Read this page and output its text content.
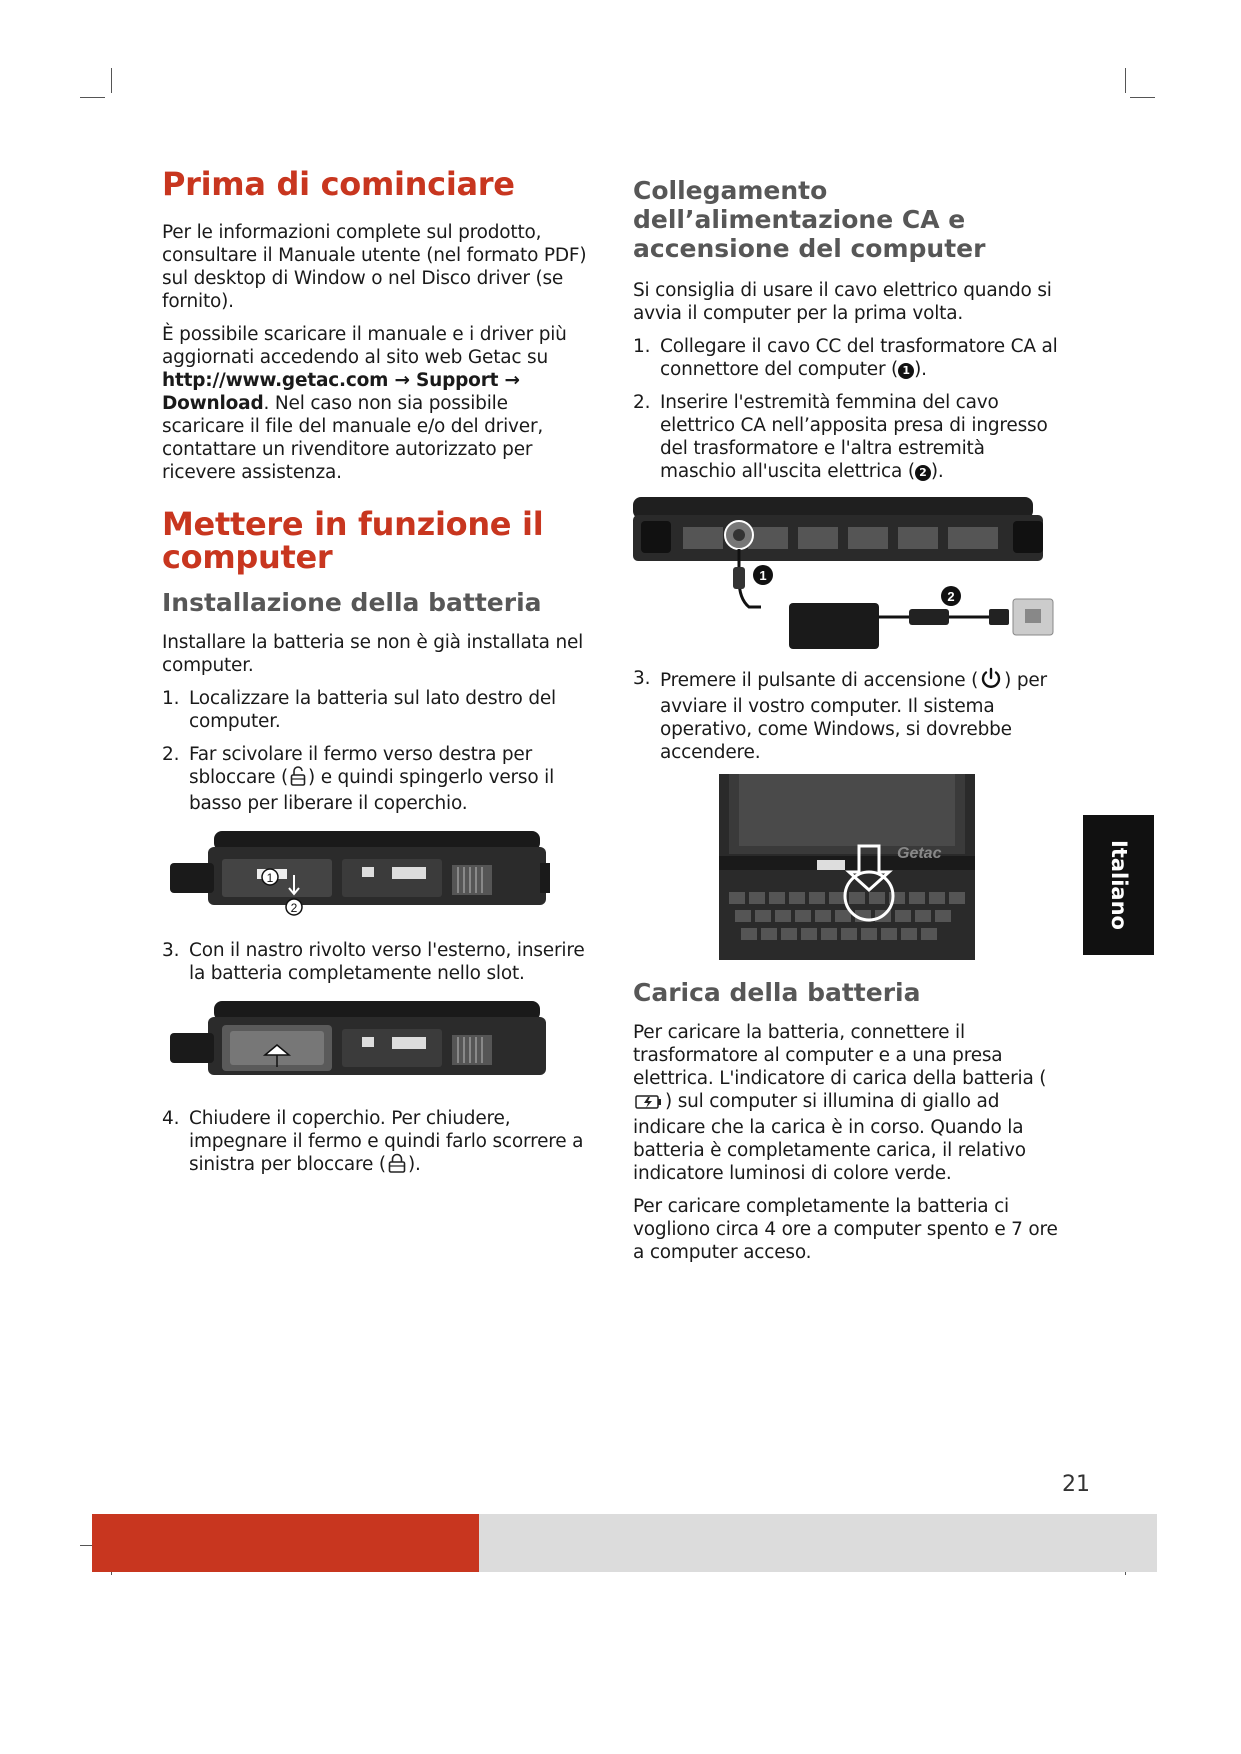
Prima di cominciare

Per le informazioni complete sul prodotto, consultare il Manuale utente (nel formato PDF) sul desktop di Window o nel Disco driver (se fornito).

È possibile scaricare il manuale e i driver più aggiornati accedendo al sito web Getac su http://www.getac.com → Support → Download. Nel caso non sia possibile scaricare il file del manuale e/o del driver, contattare un rivenditore autorizzato per ricevere assistenza.

Mettere in funzione il computer
Installazione della batteria

Installare la batteria se non è già installata nel computer.

1. Localizzare la batteria sul lato destro del computer.
2. Far scivolare il fermo verso destra per sbloccare ( ) e quindi spingerlo verso il basso per liberare il coperchio.
1
2
3. Con il nastro rivolto verso l'esterno, inserire la batteria completamente nello slot.
4. Chiudere il coperchio. Per chiudere, impegnare il fermo e quindi farlo scorrere a sinistra per bloccare ( ).
Collegamento dell’alimentazione CA e accensione del computer

Si consiglia di usare il cavo elettrico quando si avvia il computer per la prima volta.

1. Collegare il cavo CC del trasformatore CA al connettore del computer ( 1 ).
2. Inserire l'estremità femmina del cavo elettrico CA nell’apposita presa di ingresso del trasformatore e l'altra estremità maschio all'uscita elettrica ( 2 ).
1
2
3. Premere il pulsante di accensione ( ) per avviare il vostro computer. Il sistema operativo, come Windows, si dovrebbe accendere.
Getac
Carica della batteria

Per caricare la batteria, connettere il trasformatore al computer e a una presa elettrica. L'indicatore di carica della batteria () sul computer si illumina di giallo ad indicare che la carica è in corso. Quando la batteria è completamente carica, il relativo indicatore luminosi di colore verde.

Per caricare completamente la batteria ci vogliono circa 4 ore a computer spento e 7 ore a computer acceso.

Italiano
21
